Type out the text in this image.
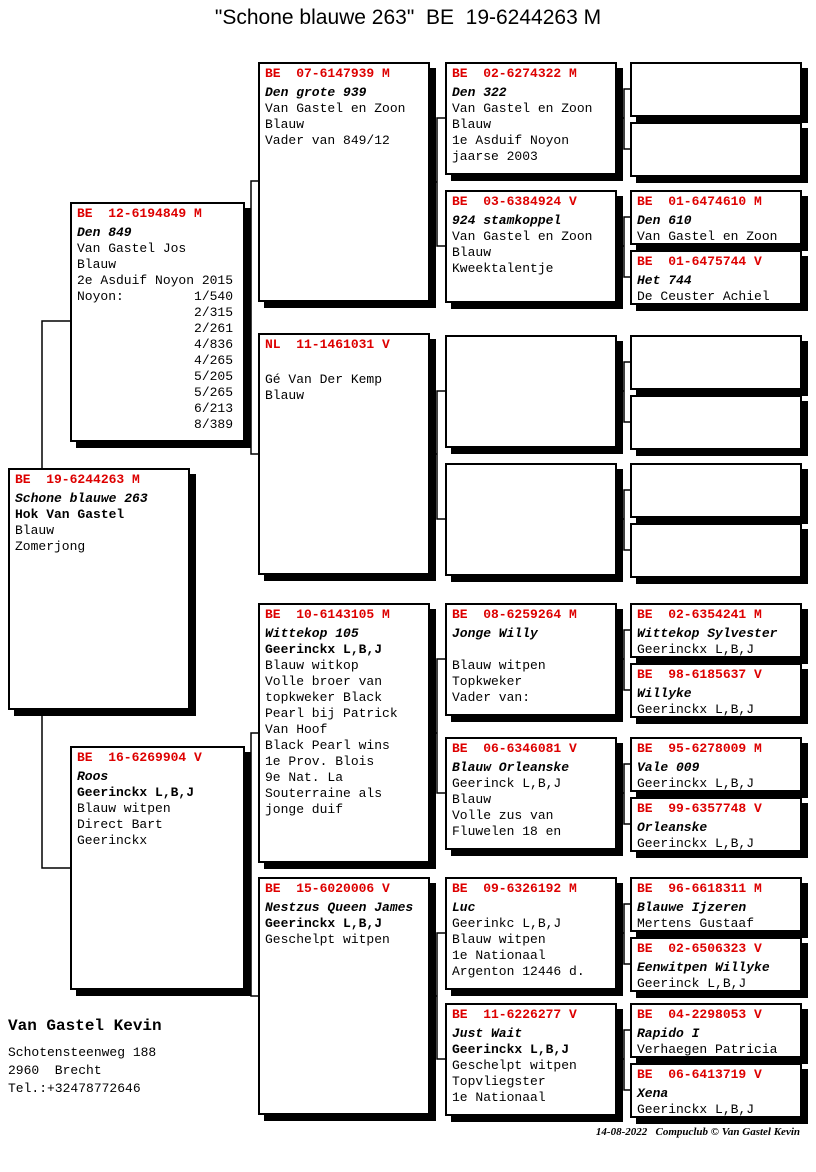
"Schone blauwe 263"  BE  19-6244263 M
BE  19-6244263 M
Schone blauwe 263
Hok Van Gastel
Blauw
Zomerjong
BE  12-6194849 M
Den 849
Van Gastel Jos
Blauw
2e Asduif Noyon 2015
Noyon:         1/540
2/315
2/261
4/836
4/265
5/205
5/265
6/213
8/389
BE  16-6269904 V
Roos
Geerinckx L,B,J
Blauw witpen
Direct Bart
Geerinckx
BE  07-6147939 M
Den grote 939
Van Gastel en Zoon
Blauw
Vader van 849/12
NL  11-1461031 V
Gé Van Der Kemp
Blauw
BE  10-6143105 M
Wittekop 105
Geerinckx L,B,J
Blauw witkop
Volle broer van
topkweker Black
Pearl bij Patrick
Van Hoof
Black Pearl wins
1e Prov. Blois
9e Nat. La
Souterraine als
jonge duif
BE  15-6020006 V
Nestzus Queen James
Geerinckx L,B,J
Geschelpt witpen
BE  02-6274322 M
Den 322
Van Gastel en Zoon
Blauw
1e Asduif Noyon
jaarse 2003
BE  03-6384924 V
924 stamkoppel
Van Gastel en Zoon
Blauw
Kweektalentje
BE  08-6259264 M
Jonge Willy
Blauw witpen
Topkweker
Vader van:
BE  06-6346081 V
Blauw Orleanske
Geerinck L,B,J
Blauw
Volle zus van
Fluwelen 18 en
BE  09-6326192 M
Luc
Geerinkc L,B,J
Blauw witpen
1e Nationaal
Argenton 12446 d.
BE  11-6226277 V
Just Wait
Geerinckx L,B,J
Geschelpt witpen
Topvliegster
1e Nationaal
BE  01-6474610 M
Den 610
Van Gastel en Zoon
BE  01-6475744 V
Het 744
De Ceuster Achiel
BE  02-6354241 M
Wittekop Sylvester
Geerinckx L,B,J
BE  98-6185637 V
Willyke
Geerinckx L,B,J
BE  95-6278009 M
Vale 009
Geerinckx L,B,J
BE  99-6357748 V
Orleanske
Geerinckx L,B,J
BE  96-6618311 M
Blauwe Ijzeren
Mertens Gustaaf
BE  02-6506323 V
Eenwitpen Willyke
Geerinck L,B,J
BE  04-2298053 V
Rapido I
Verhaegen Patricia
BE  06-6413719 V
Xena
Geerinckx L,B,J
Van Gastel Kevin
Schotensteenweg 188
2960  Brecht
Tel.:+32478772646
14-08-2022   Compuclub © Van Gastel Kevin
